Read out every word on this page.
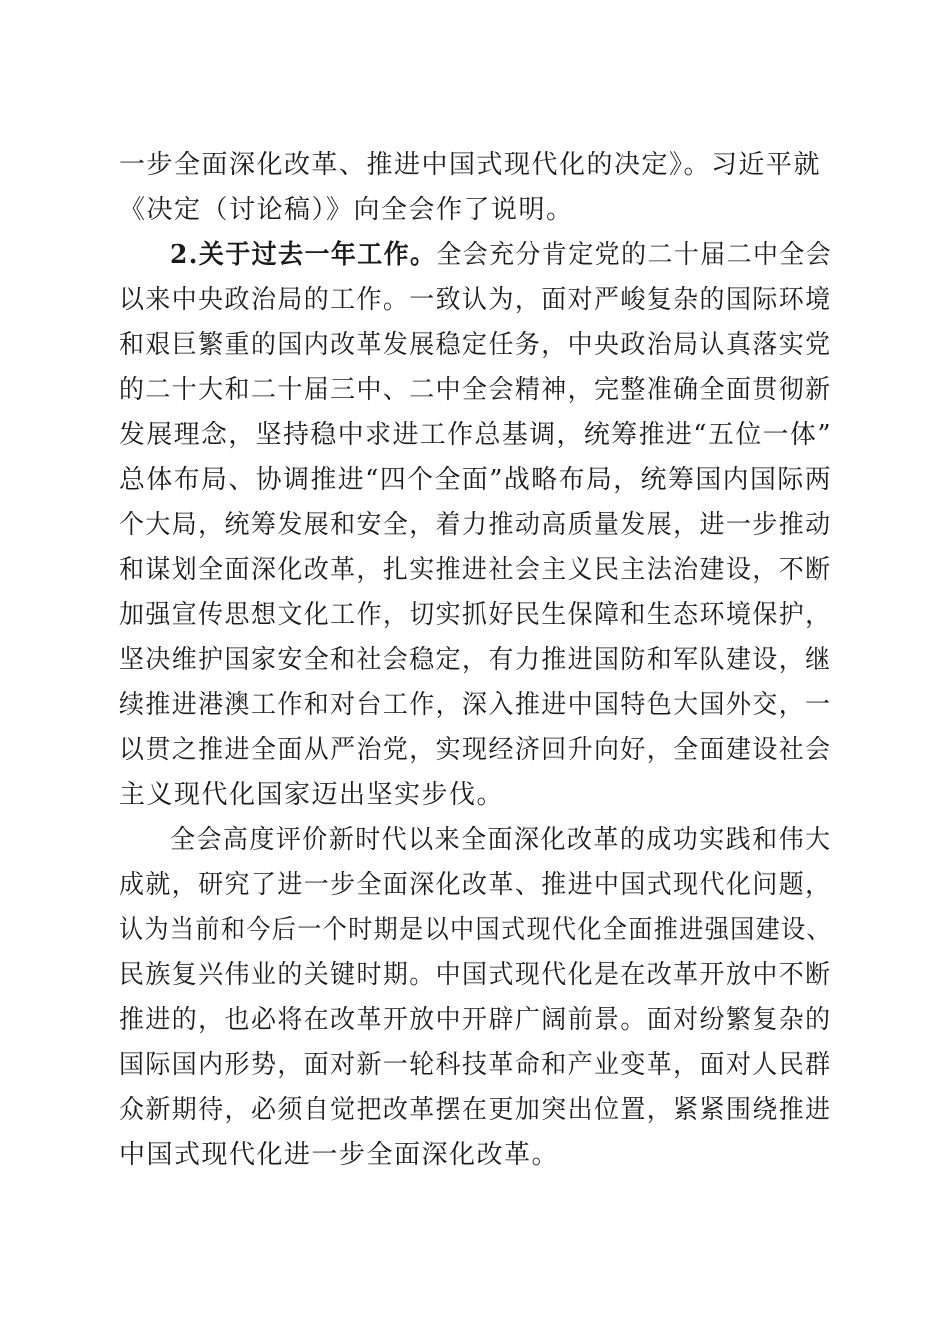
一步全面深化改革、推进中国式现代化的决定》。习近平就
《决定（讨论稿）》向全会作了说明。
2.关于过去一年工作。全会充分肯定党的二十届二中全会
以来中央政治局的工作。一致认为，面对严峻复杂的国际环境
和艰巨繁重的国内改革发展稳定任务，中央政治局认真落实党
的二十大和二十届三中、二中全会精神，完整准确全面贯彻新
发展理念，坚持稳中求进工作总基调，统筹推进“五位一体”
总体布局、协调推进“四个全面”战略布局，统筹国内国际两
个大局，统筹发展和安全，着力推动高质量发展，进一步推动
和谋划全面深化改革，扎实推进社会主义民主法治建设，不断
加强宣传思想文化工作，切实抓好民生保障和生态环境保护，
坚决维护国家安全和社会稳定，有力推进国防和军队建设，继
续推进港澳工作和对台工作，深入推进中国特色大国外交，一
以贯之推进全面从严治党，实现经济回升向好，全面建设社会
主义现代化国家迈出坚实步伐。
全会高度评价新时代以来全面深化改革的成功实践和伟大
成就，研究了进一步全面深化改革、推进中国式现代化问题，
认为当前和今后一个时期是以中国式现代化全面推进强国建设、
民族复兴伟业的关键时期。中国式现代化是在改革开放中不断
推进的，也必将在改革开放中开辟广阔前景。面对纷繁复杂的
国际国内形势，面对新一轮科技革命和产业变革，面对人民群
众新期待，必须自觉把改革摆在更加突出位置，紧紧围绕推进
中国式现代化进一步全面深化改革。
